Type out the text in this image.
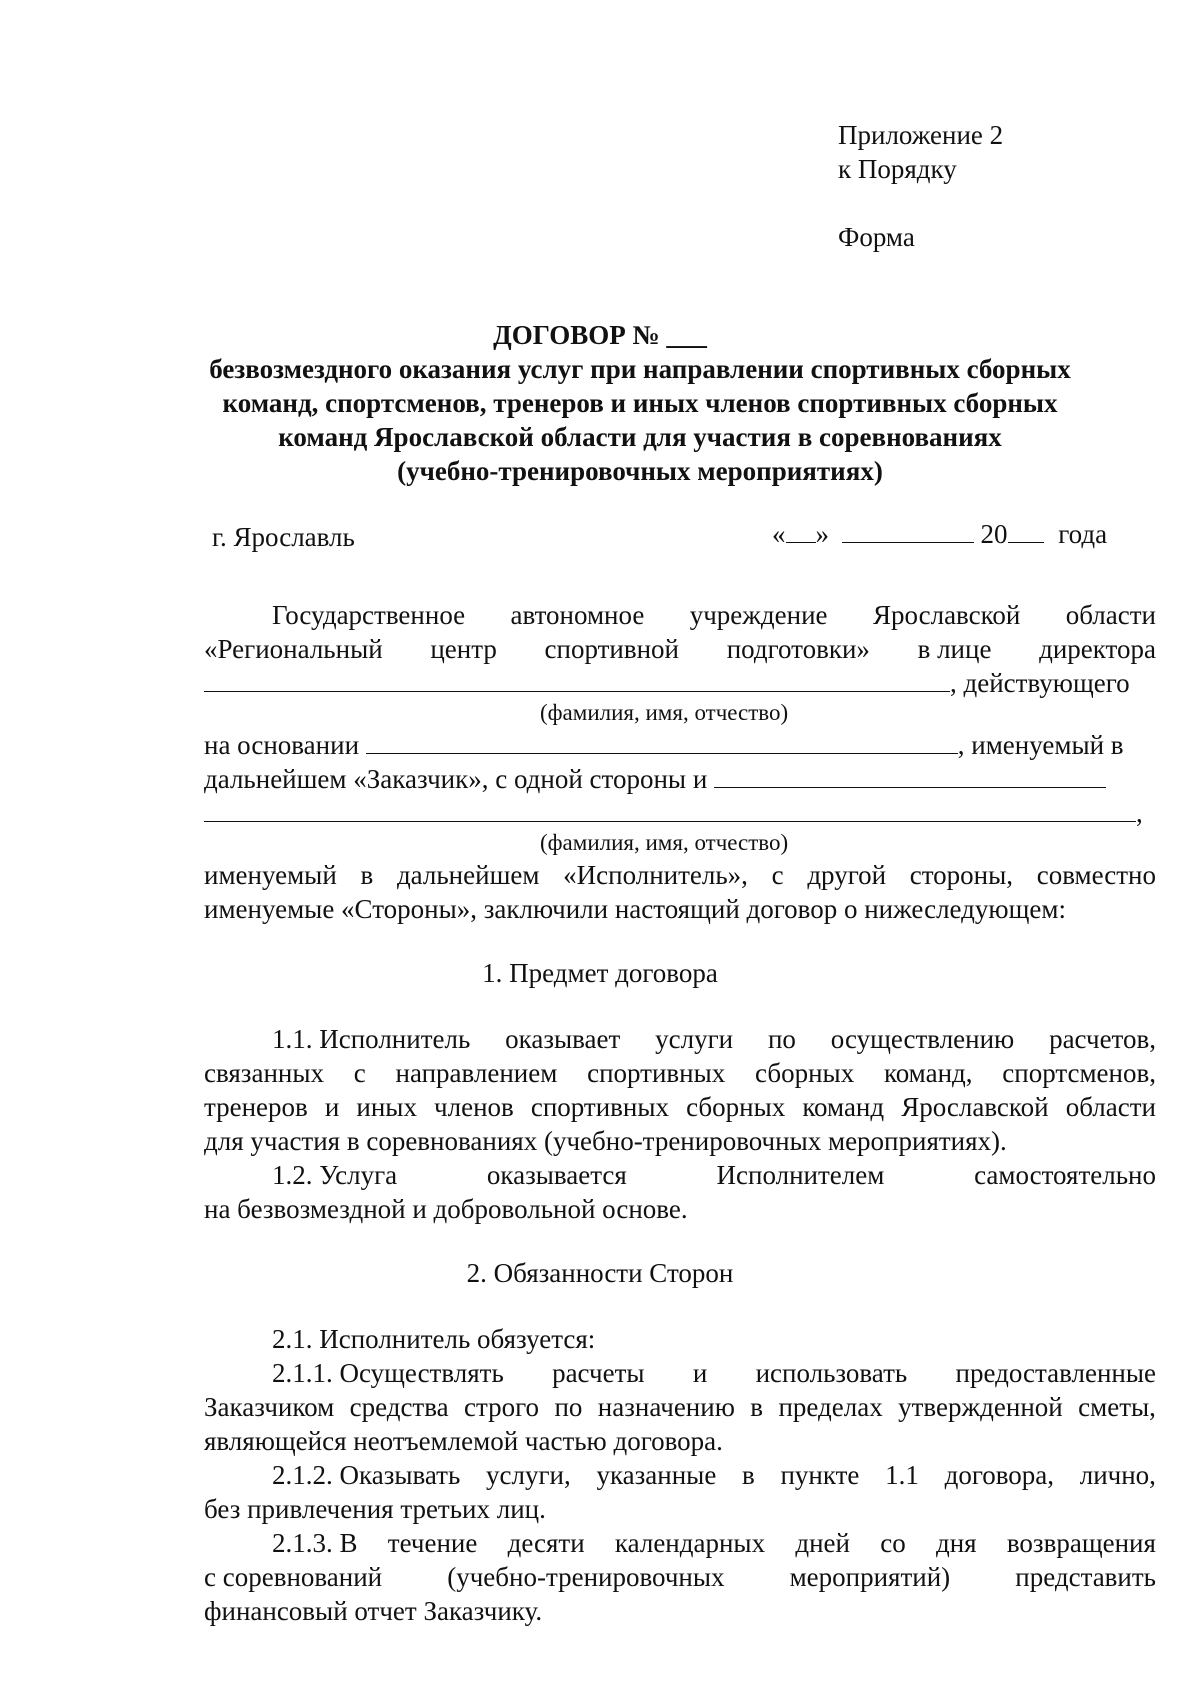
Приложение 2
к Порядку
Форма
ДОГОВОР № ___
безвозмездного оказания услуг при направлении спортивных сборных
команд, спортсменов, тренеров и иных членов спортивных сборных
команд Ярославской области для участия в соревнованиях
(учебно-тренировочных мероприятиях)
г. Ярославль	« »	20 года
Государственное автономное учреждение Ярославской области
«Региональный центр спортивной подготовки» в лице директора
, действующего
(фамилия, имя, отчество)
на основании	, именуемый в
дальнейшем «Заказчик», с одной стороны и
,
(фамилия, имя, отчество)
именуемый в дальнейшем «Исполнитель», с другой стороны, совместно
именуемые «Стороны», заключили настоящий договор о нижеследующем:
1. Предмет договора
1.1. Исполнитель оказывает услуги по осуществлению расчетов,
связанных с направлением спортивных сборных команд, спортсменов,
тренеров и иных членов спортивных сборных команд Ярославской области
для участия в соревнованиях (учебно-тренировочных мероприятиях).
1.2. Услуга	оказывается	Исполнителем	самостоятельно
на безвозмездной и добровольной основе.
2. Обязанности Сторон
2.1. Исполнитель обязуется:
2.1.1. Осуществлять расчеты и использовать предоставленные
Заказчиком средства строго по назначению в пределах утвержденной сметы,
являющейся неотъемлемой частью договора.
2.1.2. Оказывать услуги, указанные в пункте 1.1 договора, лично,
без привлечения третьих лиц.
2.1.3. В течение десяти календарных дней со дня возвращения
с соревнований (учебно-тренировочных мероприятий) представить
финансовый отчет Заказчику.
